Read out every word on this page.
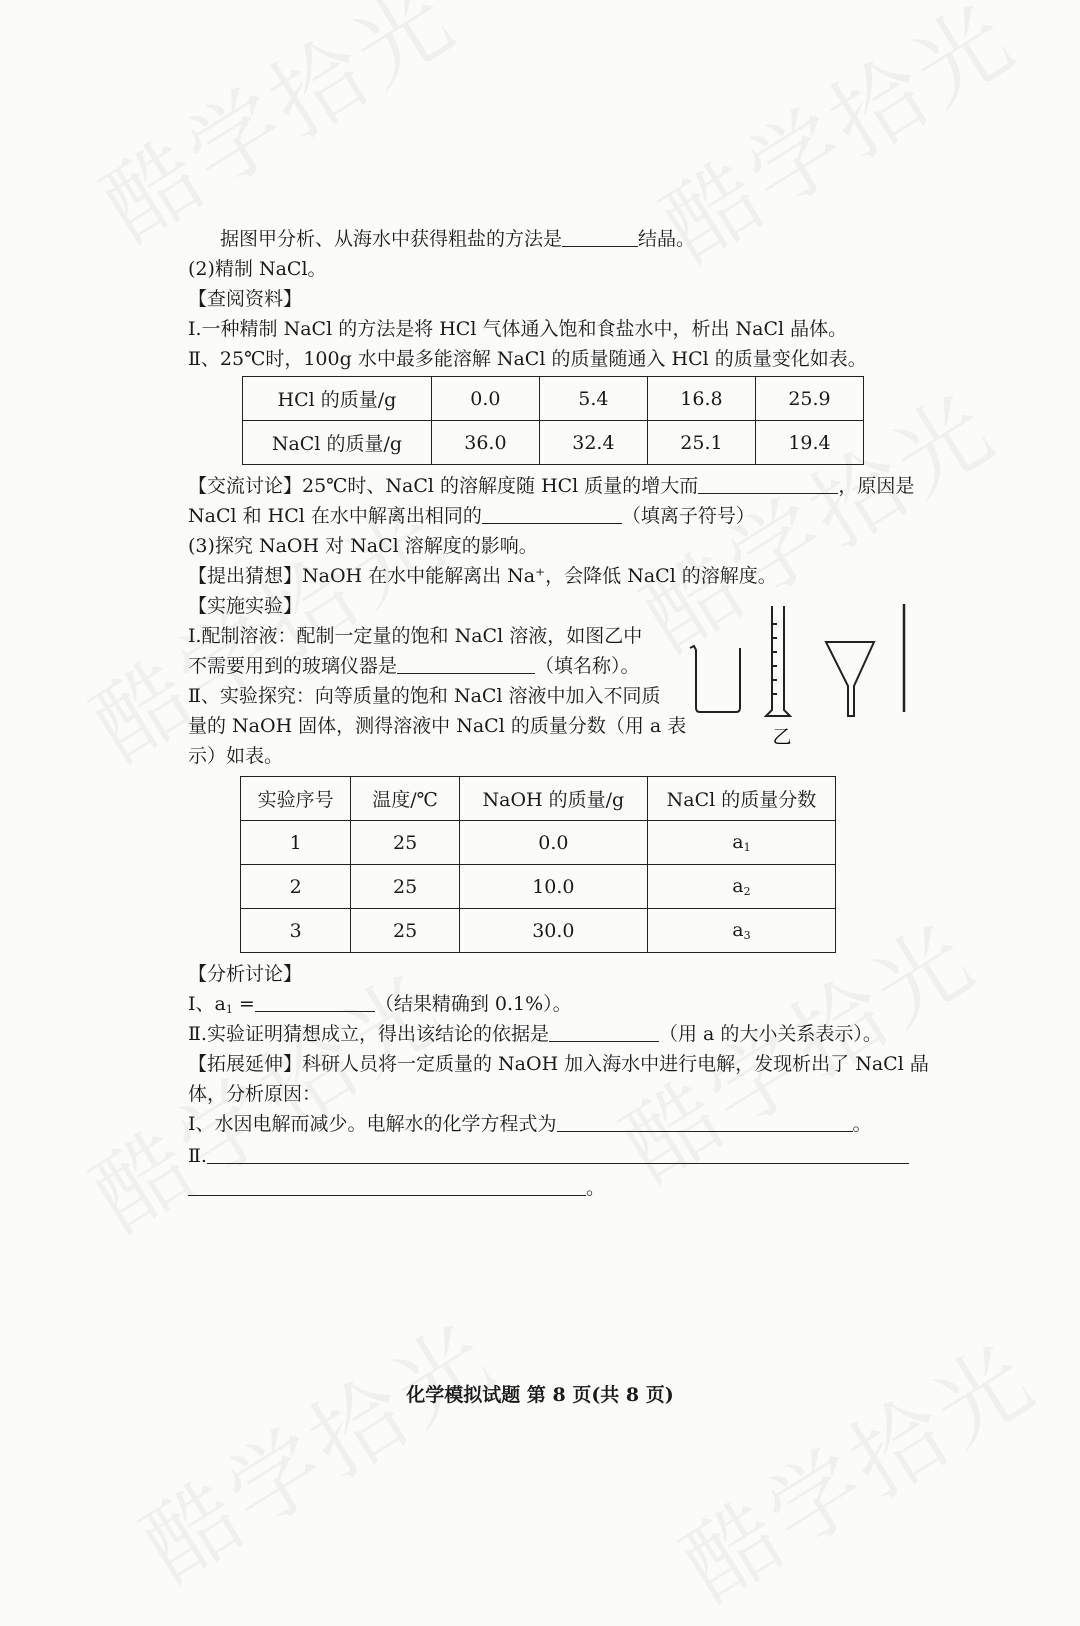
据图甲分析、从海水中获得粗盐的方法是	结晶。
(2)精制 NaCl。
【查阅资料】
Ⅰ.一种精制 NaCl 的方法是将 HCl 气体通入饱和食盐水中，析出 NaCl 晶体。
Ⅱ、25℃时，100g 水中最多能溶解 NaCl 的质量随通入 HCl 的质量变化如表。
HCl 的质量/g	0.0	5.4	16.8	25.9
NaCl 的质量/g	36.0	32.4	25.1	19.4
【交流讨论】25℃时、NaCl 的溶解度随 HCl 质量的增大而	，原因是
NaCl 和 HCl 在水中解离出相同的	（填离子符号）
(3)探究 NaOH 对 NaCl 溶解度的影响。
【提出猜想】NaOH 在水中能解离出 Na⁺，会降低 NaCl 的溶解度。
【实施实验】
Ⅰ.配制溶液：配制一定量的饱和 NaCl 溶液，如图乙中
不需要用到的玻璃仪器是	（填名称）。
Ⅱ、实验探究：向等质量的饱和 NaCl 溶液中加入不同质
量的 NaOH 固体，测得溶液中 NaCl 的质量分数（用 a 表
示）如表。
实验序号	温度/℃	NaOH 的质量/g	NaCl 的质量分数
1	25	0.0	$a_1$
2	25	10.0	$a_2$
3	25	30.0	$a_3$
【分析讨论】
Ⅰ、$a_1$ =	（结果精确到 0.1%）。
Ⅱ.实验证明猜想成立，得出该结论的依据是	（用 a 的大小关系表示）。
【拓展延伸】科研人员将一定质量的 NaOH 加入海水中进行电解，发现析出了 NaCl 晶
体，分析原因：
Ⅰ、水因电解而减少。电解水的化学方程式为	。
Ⅱ.
。
乙
化学模拟试题 第 8 页(共 8 页)
